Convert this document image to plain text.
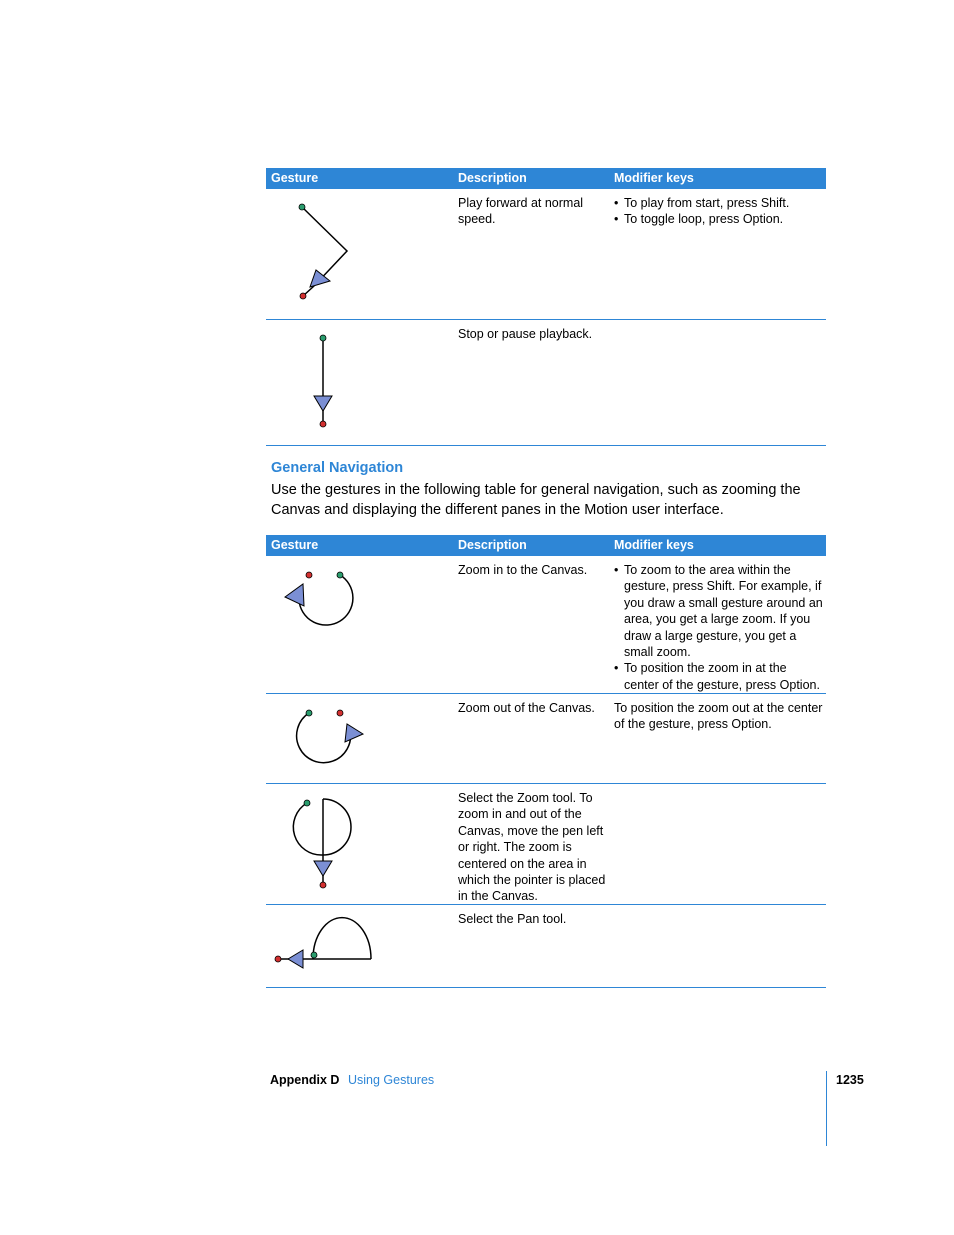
Gesture	Description	Modifier keys
Play forward at normal speed.
• To play from start, press Shift.
• To toggle loop, press Option.
Stop or pause playback.
General Navigation
Use the gestures in the following table for general navigation, such as zooming the Canvas and displaying the different panes in the Motion user interface.
Gesture	Description	Modifier keys
Zoom in to the Canvas.
•	To zoom to the area within the gesture, press Shift. For example, if you draw a small gesture around an area, you get a large zoom. If you draw a large gesture, you get a small zoom.
• To position the zoom in at the center of the gesture, press Option.
Zoom out of the Canvas.	To position the zoom out at the center of the gesture, press Option.
Select the Zoom tool. To zoom in and out of the Canvas, move the pen left or right. The zoom is centered on the area in which the pointer is placed in the Canvas.
Select the Pan tool.
Appendix D Using Gestures	1235
